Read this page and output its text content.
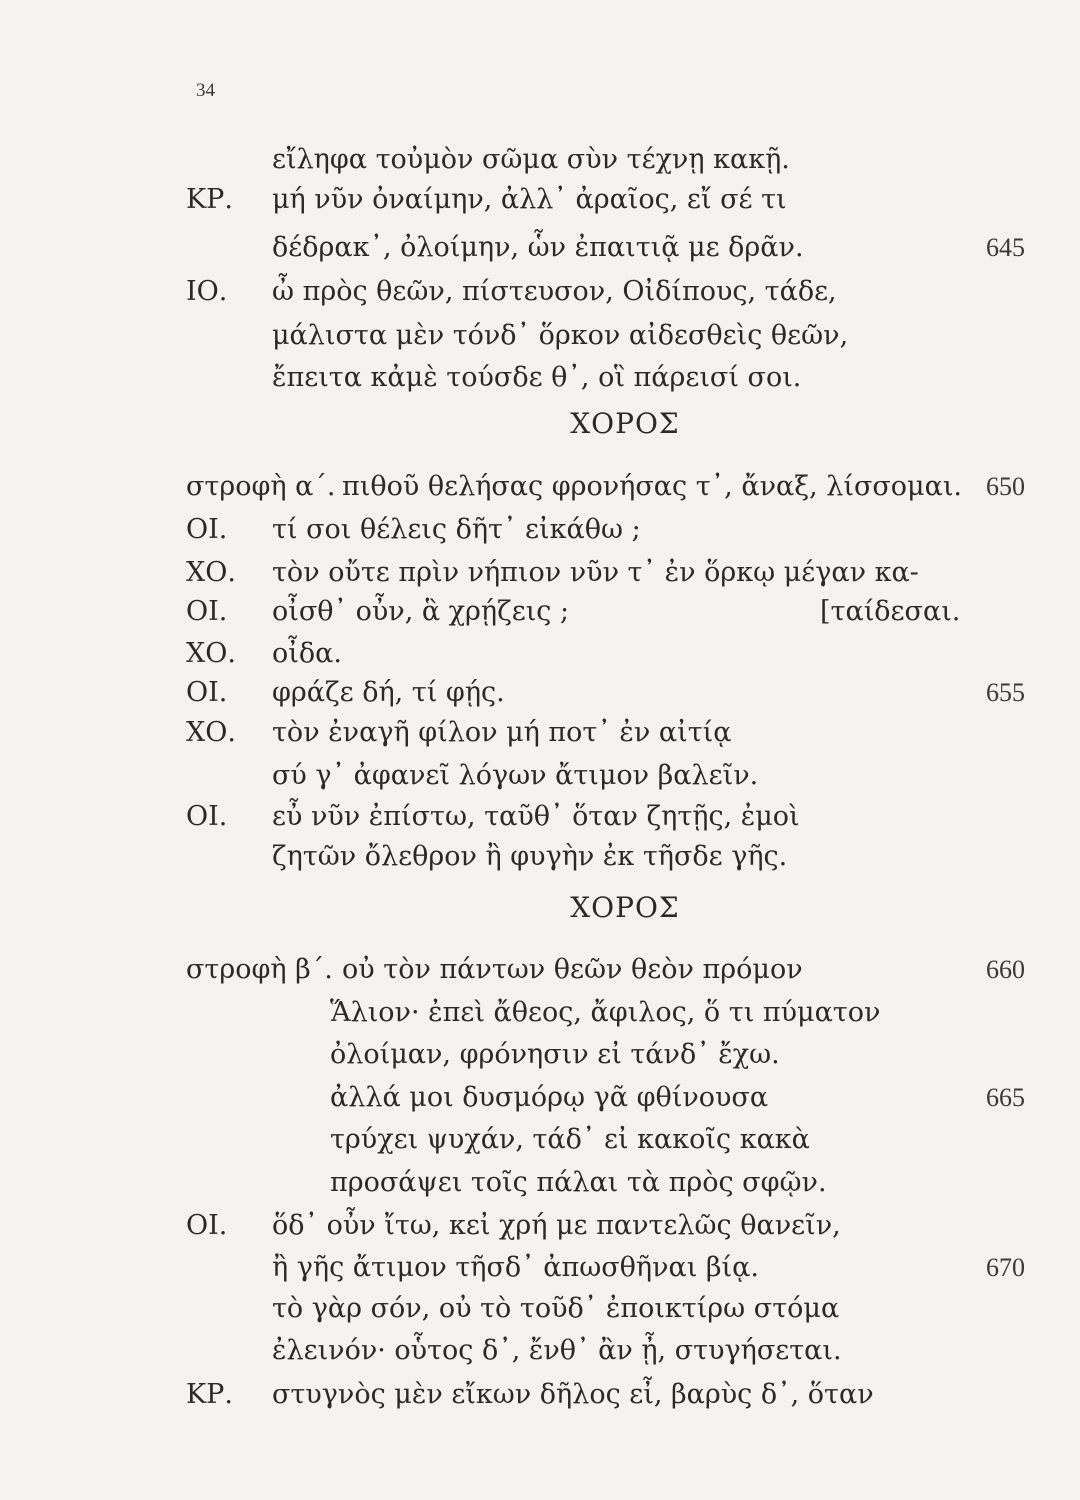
34
εἴληφα τοὐμὸν σῶμα σὺν τέχνῃ κακῇ.
ΚΡ. μή νῦν ὀναίμην, ἀλλ᾽ ἀραῖος, εἴ σέ τι
δέδρακ᾽, ὀλοίμην, ὧν ἐπαιτιᾷ με δρᾶν.	645
ΙΟ. ὦ πρὸς θεῶν, πίστευσον, Οἰδίπους, τάδε,
μάλιστα μὲν τόνδ᾽ ὅρκον αἰδεσθεὶς θεῶν,
ἔπειτα κἀμὲ τούσδε θ᾽, οἳ πάρεισί σοι.
ΧΟΡΟΣ
στροφὴ α΄. πιθοῦ θελήσας φρονήσας τ᾽, ἄναξ, λίσσομαι. 650
ΟΙ. τί σοι θέλεις δῆτ᾽ εἰκάθω ;
ΧΟ. τὸν οὔτε πρὶν νήπιον νῦν τ᾽ ἐν ὅρκῳ μέγαν κα-
ΟΙ. οἶσθ᾽ οὖν, ἃ χρῄζεις ;	[ταίδεσαι.
ΧΟ. οἶδα.
ΟΙ. φράζε δή, τί φῄς.	655
ΧΟ. τὸν ἐναγῆ φίλον μή ποτ᾽ ἐν αἰτίᾳ
σύ γ᾽ ἀφανεῖ λόγων ἄτιμον βαλεῖν.
ΟΙ. εὖ νῦν ἐπίστω, ταῦθ᾽ ὅταν ζητῇς, ἐμοὶ
ζητῶν ὄλεθρον ἢ φυγὴν ἐκ τῆσδε γῆς.
ΧΟΡΟΣ
στροφὴ β΄. οὐ τὸν πάντων θεῶν θεὸν πρόμον	660
Ἅλιον· ἐπεὶ ἄθεος, ἄφιλος, ὅ τι πύματον
ὀλοίμαν, φρόνησιν εἰ τάνδ᾽ ἔχω.
ἀλλά μοι δυσμόρῳ γᾶ φθίνουσα	665
τρύχει ψυχάν, τάδ᾽ εἰ κακοῖς κακὰ
προσάψει τοῖς πάλαι τὰ πρὸς σφῷν.
ΟΙ. ὅδ᾽ οὖν ἴτω, κεἰ χρή με παντελῶς θανεῖν,
ἢ γῆς ἄτιμον τῆσδ᾽ ἀπωσθῆναι βίᾳ.	670
τὸ γὰρ σόν, οὐ τὸ τοῦδ᾽ ἐποικτίρω στόμα
ἐλεινόν· οὗτος δ᾽, ἔνθ᾽ ἂν ᾖ, στυγήσεται.
ΚΡ. στυγνὸς μὲν εἴκων δῆλος εἶ, βαρὺς δ᾽, ὅταν
